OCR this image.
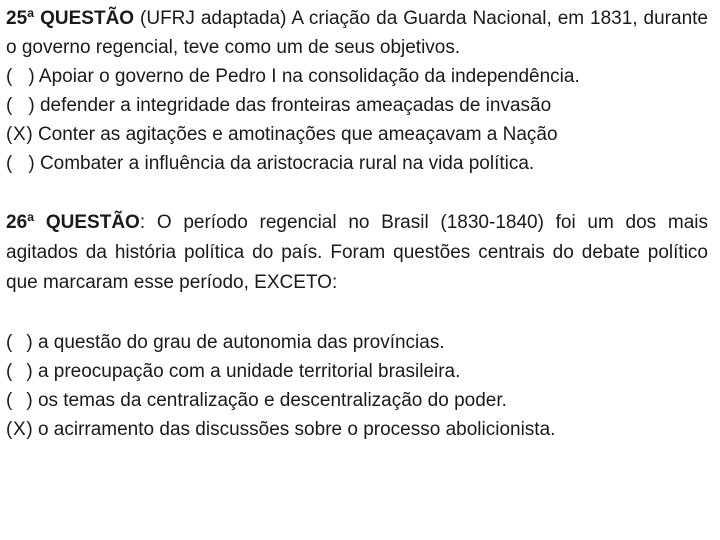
25ª QUESTÃO (UFRJ adaptada) A criação da Guarda Nacional, em 1831, durante o governo regencial, teve como um de seus objetivos.
( ) Apoiar o governo de Pedro I na consolidação da independência.
( ) defender a integridade das fronteiras ameaçadas de invasão
(X) Conter as agitações e amotinações que ameaçavam a Nação
( ) Combater a influência da aristocracia rural na vida política.
26ª QUESTÃO: O período regencial no Brasil (1830-1840) foi um dos mais agitados da história política do país. Foram questões centrais do debate político que marcaram esse período, EXCETO:
( ) a questão do grau de autonomia das províncias.
( ) a preocupação com a unidade territorial brasileira.
( ) os temas da centralização e descentralização do poder.
(X) o acirramento das discussões sobre o processo abolicionista.
